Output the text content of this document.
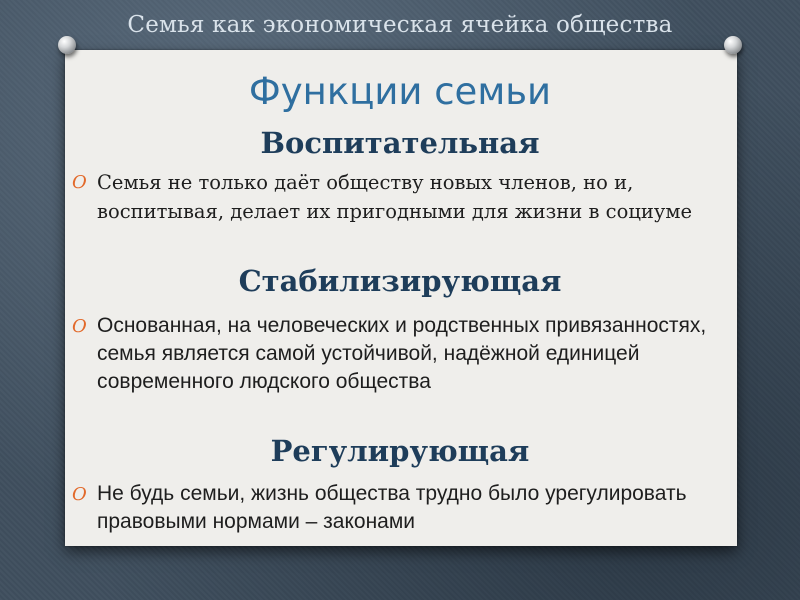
Семья как экономическая ячейка общества
Функции семьи
Воспитательная
O Семья не только даёт обществу новых членов, но и, воспитывая, делает их пригодными для жизни в социуме
Стабилизирующая
O Основанная, на человеческих и родственных привязанностях, семья является самой устойчивой, надёжной единицей современного людского общества
Регулирующая
O Не будь семьи, жизнь общества трудно было урегулировать правовыми нормами – законами
